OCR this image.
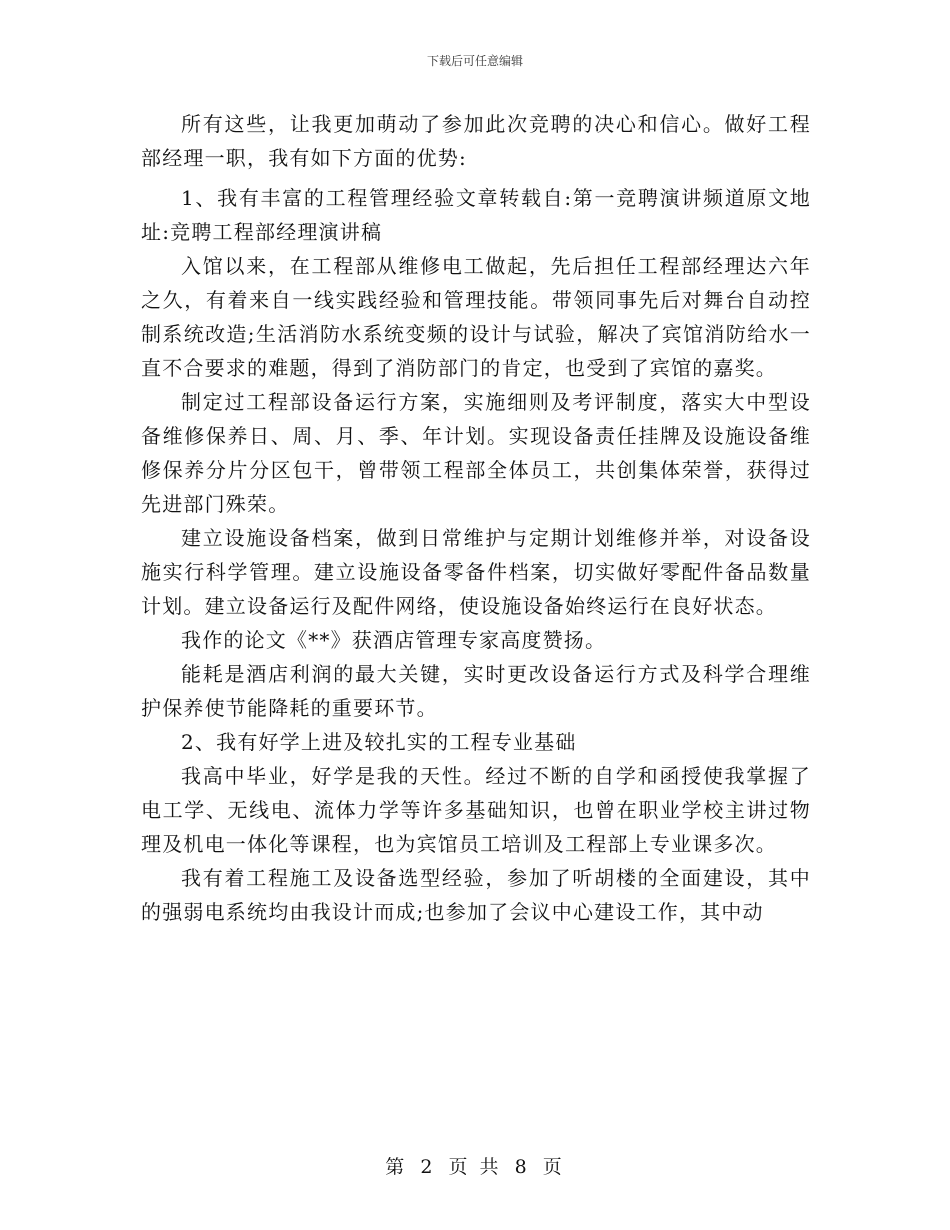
下载后可任意编辑

所有这些，让我更加萌动了参加此次竞聘的决心和信心。做好工程部经理一职，我有如下方面的优势:

1、我有丰富的工程管理经验文章转载自:第一竞聘演讲频道原文地址:竞聘工程部经理演讲稿

入馆以来，在工程部从维修电工做起，先后担任工程部经理达六年之久，有着来自一线实践经验和管理技能。带领同事先后对舞台自动控制系统改造;生活消防水系统变频的设计与试验，解决了宾馆消防给水一直不合要求的难题，得到了消防部门的肯定，也受到了宾馆的嘉奖。

制定过工程部设备运行方案，实施细则及考评制度，落实大中型设备维修保养日、周、月、季、年计划。实现设备责任挂牌及设施设备维修保养分片分区包干，曾带领工程部全体员工，共创集体荣誉，获得过先进部门殊荣。

建立设施设备档案，做到日常维护与定期计划维修并举，对设备设施实行科学管理。建立设施设备零备件档案，切实做好零配件备品数量计划。建立设备运行及配件网络，使设施设备始终运行在良好状态。

我作的论文《**》获酒店管理专家高度赞扬。

能耗是酒店利润的最大关键，实时更改设备运行方式及科学合理维护保养使节能降耗的重要环节。

2、我有好学上进及较扎实的工程专业基础

我高中毕业，好学是我的天性。经过不断的自学和函授使我掌握了电工学、无线电、流体力学等许多基础知识，也曾在职业学校主讲过物理及机电一体化等课程，也为宾馆员工培训及工程部上专业课多次。

我有着工程施工及设备选型经验，参加了听胡楼的全面建设，其中的强弱电系统均由我设计而成;也参加了会议中心建设工作，其中动

第 2 页 共 8 页
